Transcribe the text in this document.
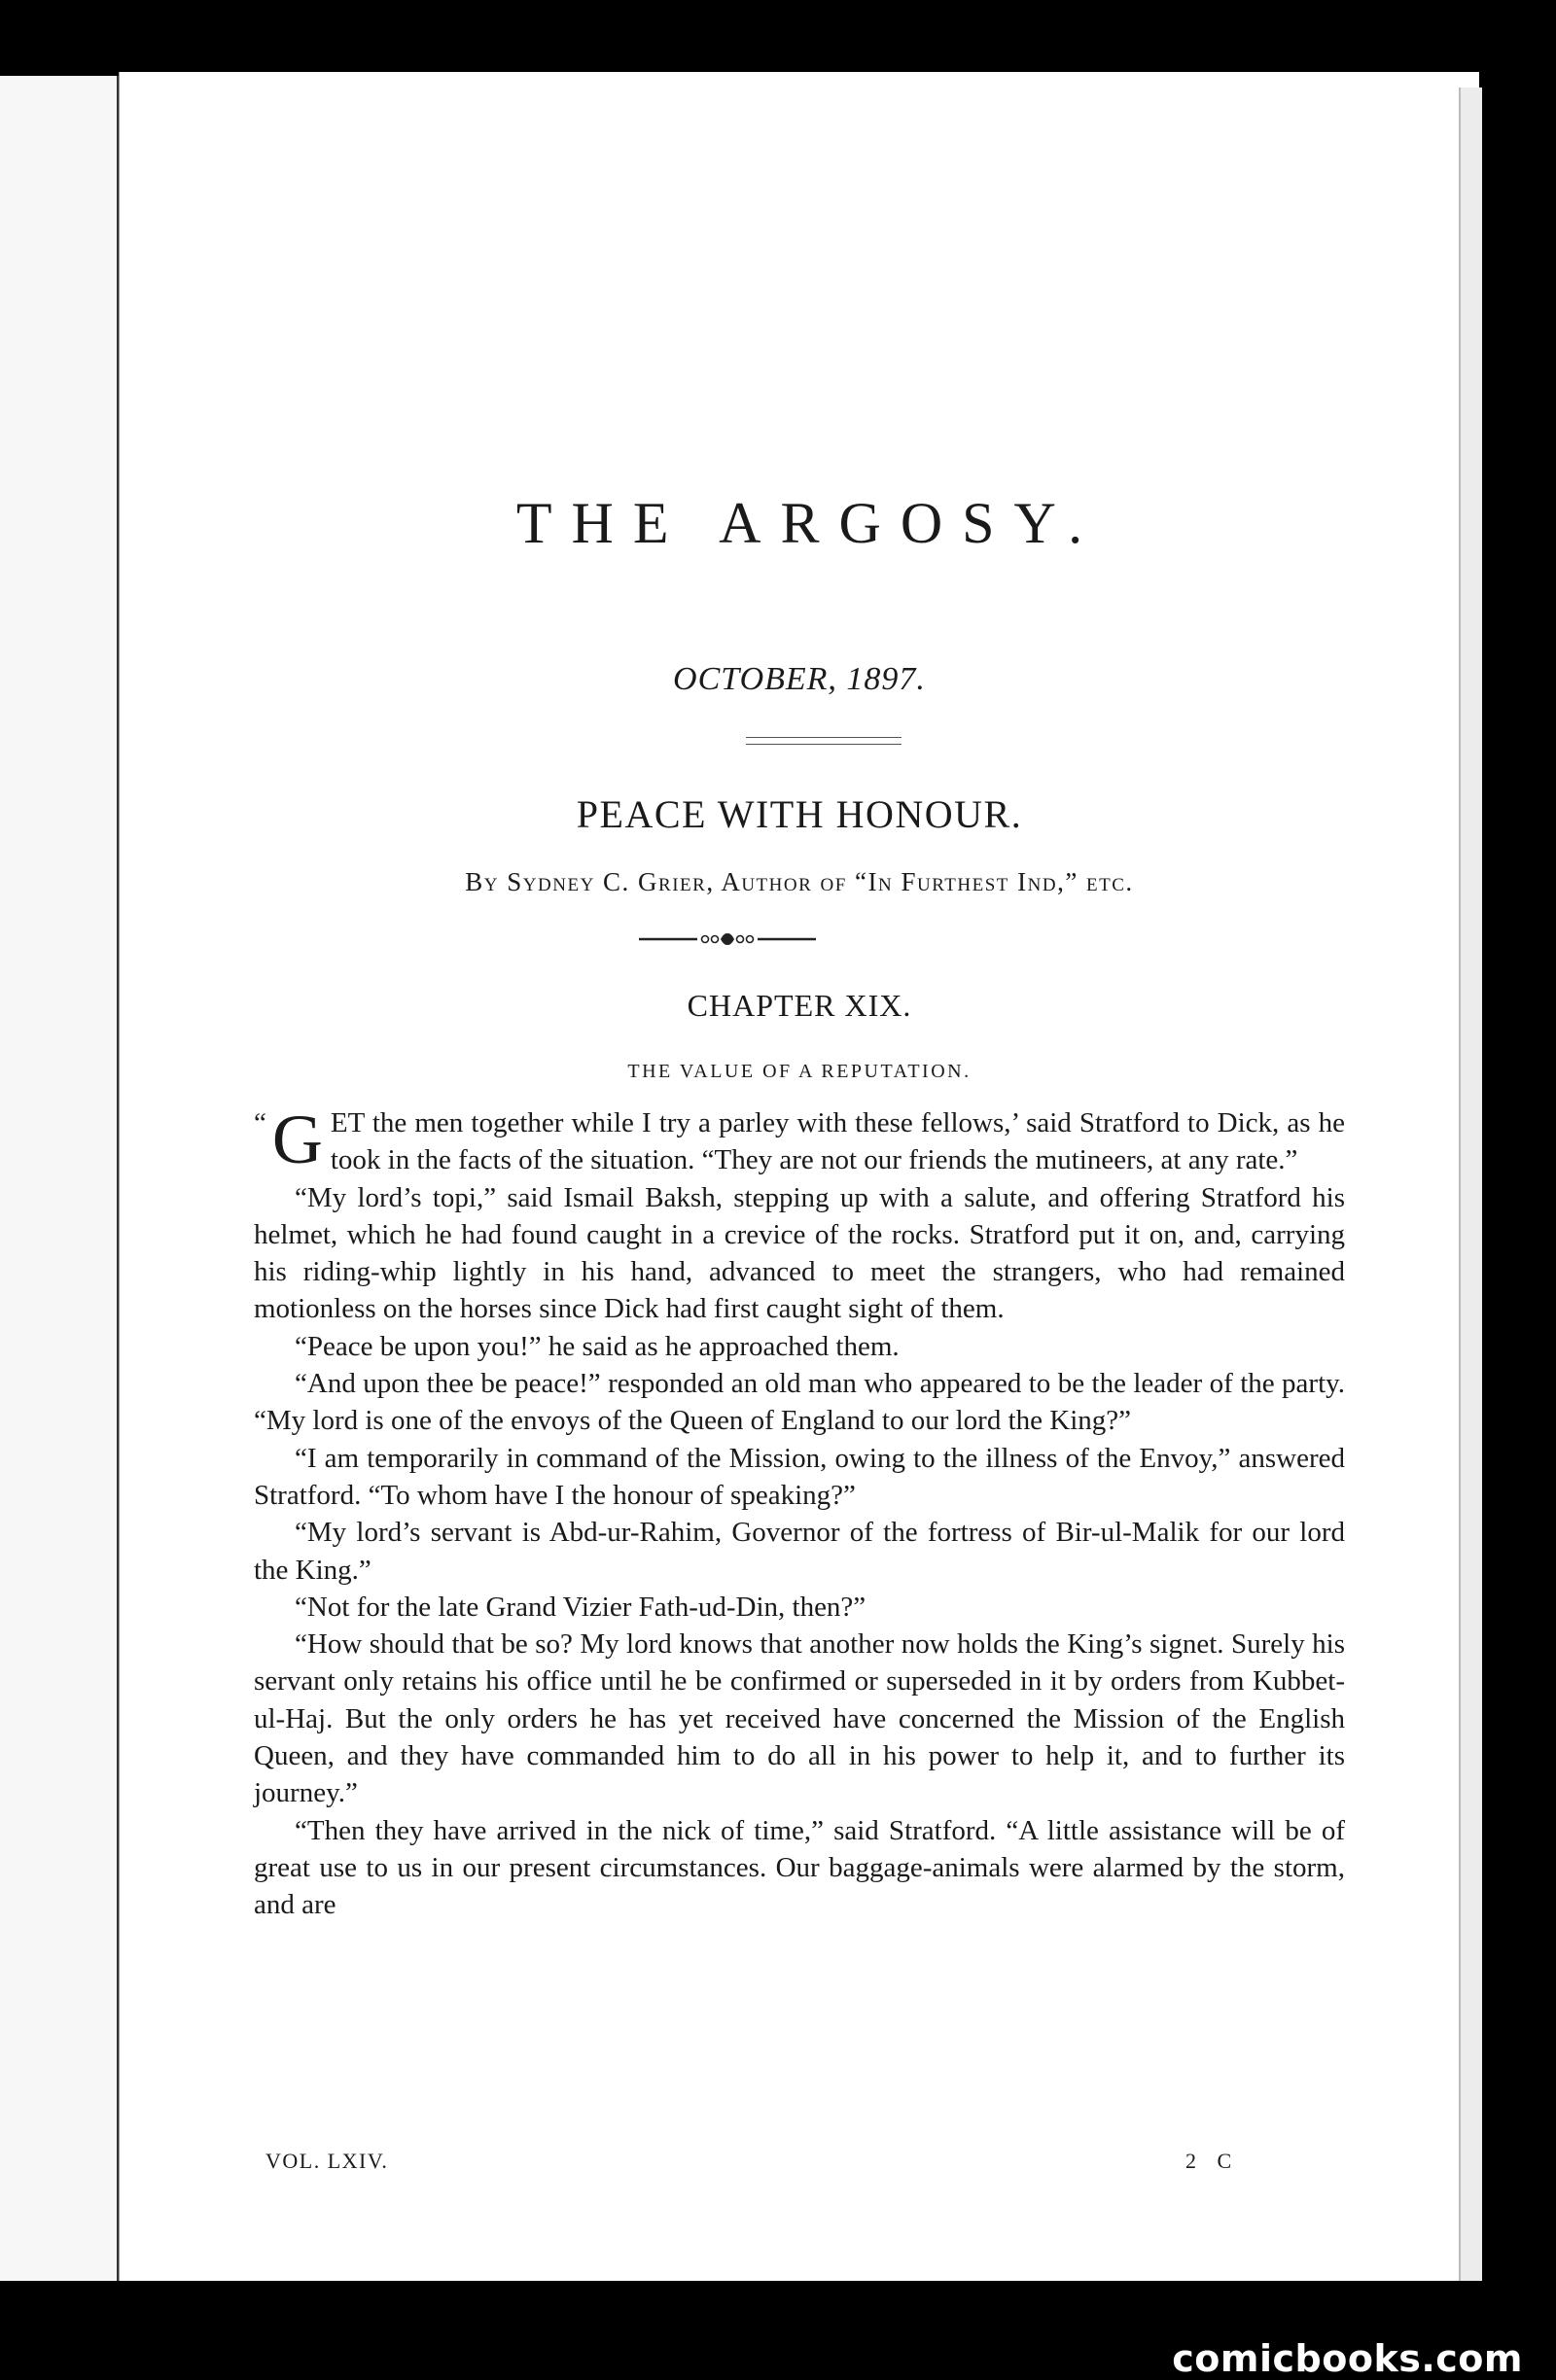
THE ARGOSY.
OCTOBER, 1897.
PEACE WITH HONOUR.
By Sydney C. Grier, Author of “In Furthest Ind,” etc.
CHAPTER XIX.
THE VALUE OF A REPUTATION.

“ G ET the men together while I try a parley with these fellows,’ said Stratford to Dick, as he took in the facts of the situation. “They are not our friends the mutineers, at any rate.”

“My lord’s topi,” said Ismail Baksh, stepping up with a salute, and offering Stratford his helmet, which he had found caught in a crevice of the rocks. Stratford put it on, and, carrying his riding-whip lightly in his hand, advanced to meet the strangers, who had remained motionless on the horses since Dick had first caught sight of them.

“Peace be upon you!” he said as he approached them.

“And upon thee be peace!” responded an old man who appeared to be the leader of the party. “My lord is one of the envoys of the Queen of England to our lord the King?”

“I am temporarily in command of the Mission, owing to the illness of the Envoy,” answered Stratford. “To whom have I the honour of speaking?”

“My lord’s servant is Abd-ur-Rahim, Governor of the fortress of Bir-ul-Malik for our lord the King.”

“Not for the late Grand Vizier Fath-ud-Din, then?”

“How should that be so? My lord knows that another now holds the King’s signet. Surely his servant only retains his office until he be confirmed or superseded in it by orders from Kubbet-ul-Haj. But the only orders he has yet received have concerned the Mission of the English Queen, and they have commanded him to do all in his power to help it, and to further its journey.”

“Then they have arrived in the nick of time,” said Stratford. “A little assistance will be of great use to us in our present circumstances. Our baggage-animals were alarmed by the storm, and are

VOL. LXIV.	2 C
comicbooks.com
